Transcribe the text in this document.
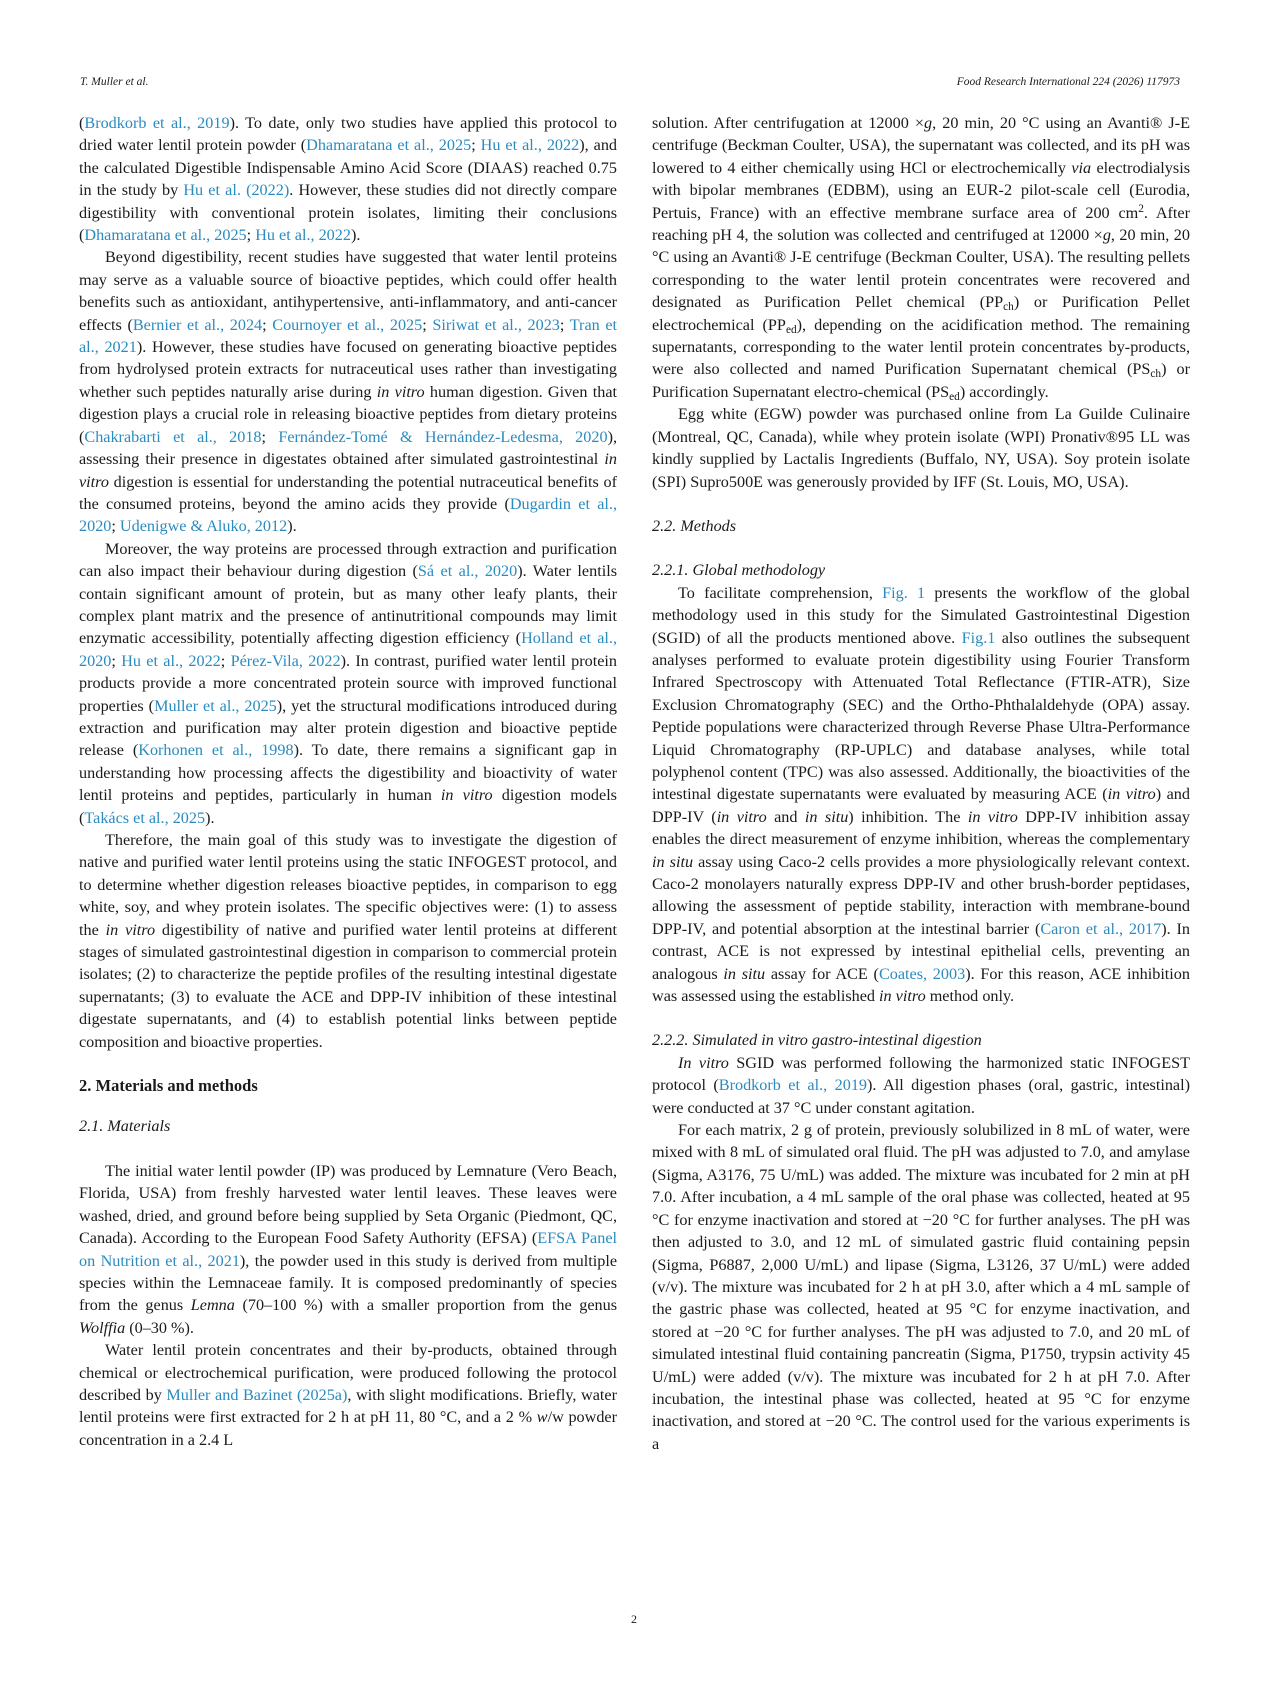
T. Muller et al.	Food Research International 224 (2026) 117973

(Brodkorb et al., 2019). To date, only two studies have applied this protocol to dried water lentil protein powder (Dhamaratana et al., 2025; Hu et al., 2022), and the calculated Digestible Indispensable Amino Acid Score (DIAAS) reached 0.75 in the study by Hu et al. (2022). However, these studies did not directly compare digestibility with conventional protein isolates, limiting their conclusions (Dhamaratana et al., 2025; Hu et al., 2022).

Beyond digestibility, recent studies have suggested that water lentil proteins may serve as a valuable source of bioactive peptides, which could offer health benefits such as antioxidant, antihypertensive, anti-inflammatory, and anti-cancer effects (Bernier et al., 2024; Cournoyer et al., 2025; Siriwat et al., 2023; Tran et al., 2021). However, these studies have focused on generating bioactive peptides from hydrolysed protein extracts for nutraceutical uses rather than investigating whether such peptides naturally arise during in vitro human digestion. Given that digestion plays a crucial role in releasing bioactive peptides from dietary proteins (Chakrabarti et al., 2018; Fernández-Tomé & Hernández-Ledesma, 2020), assessing their presence in digestates obtained after simulated gastrointestinal in vitro digestion is essential for understanding the potential nutraceutical benefits of the consumed proteins, beyond the amino acids they provide (Dugardin et al., 2020; Udenigwe & Aluko, 2012).

Moreover, the way proteins are processed through extraction and purification can also impact their behaviour during digestion (Sá et al., 2020). Water lentils contain significant amount of protein, but as many other leafy plants, their complex plant matrix and the presence of antinutritional compounds may limit enzymatic accessibility, potentially affecting digestion efficiency (Holland et al., 2020; Hu et al., 2022; Pérez-Vila, 2022). In contrast, purified water lentil protein products provide a more concentrated protein source with improved functional properties (Muller et al., 2025), yet the structural modifications introduced during extraction and purification may alter protein digestion and bioactive peptide release (Korhonen et al., 1998). To date, there remains a significant gap in understanding how processing affects the digestibility and bioactivity of water lentil proteins and peptides, particularly in human in vitro digestion models (Takács et al., 2025).

Therefore, the main goal of this study was to investigate the digestion of native and purified water lentil proteins using the static INFOGEST protocol, and to determine whether digestion releases bioactive peptides, in comparison to egg white, soy, and whey protein isolates. The specific objectives were: (1) to assess the in vitro digestibility of native and purified water lentil proteins at different stages of simulated gastrointestinal digestion in comparison to commercial protein isolates; (2) to characterize the peptide profiles of the resulting intestinal digestate supernatants; (3) to evaluate the ACE and DPP-IV inhibition of these intestinal digestate supernatants, and (4) to establish potential links between peptide composition and bioactive properties.

2. Materials and methods
2.1. Materials

The initial water lentil powder (IP) was produced by Lemnature (Vero Beach, Florida, USA) from freshly harvested water lentil leaves. These leaves were washed, dried, and ground before being supplied by Seta Organic (Piedmont, QC, Canada). According to the European Food Safety Authority (EFSA) (EFSA Panel on Nutrition et al., 2021), the powder used in this study is derived from multiple species within the Lemnaceae family. It is composed predominantly of species from the genus Lemna (70–100 %) with a smaller proportion from the genus Wolffia (0–30 %).

Water lentil protein concentrates and their by-products, obtained through chemical or electrochemical purification, were produced following the protocol described by Muller and Bazinet (2025a), with slight modifications. Briefly, water lentil proteins were first extracted for 2 h at pH 11, 80 °C, and a 2 % w/w powder concentration in a 2.4 L

solution. After centrifugation at 12000 ×g, 20 min, 20 °C using an Avanti® J-E centrifuge (Beckman Coulter, USA), the supernatant was collected, and its pH was lowered to 4 either chemically using HCl or electrochemically via electrodialysis with bipolar membranes (EDBM), using an EUR-2 pilot-scale cell (Eurodia, Pertuis, France) with an effective membrane surface area of 200 $cm^2$. After reaching pH 4, the solution was collected and centrifuged at 12000 ×g, 20 min, 20 °C using an Avanti® J-E centrifuge (Beckman Coulter, USA). The resulting pellets corresponding to the water lentil protein concentrates were recovered and designated as Purification Pellet chemical $(PP_{ch})$ or Purification Pellet electrochemical $(PP_{ed})$, depending on the acidification method. The remaining supernatants, corresponding to the water lentil protein concentrates by-products, were also collected and named Purification Supernatant chemical $(PS_{ch})$ or Purification Supernatant electro-chemical $(PS_{ed})$ accordingly.

Egg white (EGW) powder was purchased online from La Guilde Culinaire (Montreal, QC, Canada), while whey protein isolate (WPI) Pronativ®95 LL was kindly supplied by Lactalis Ingredients (Buffalo, NY, USA). Soy protein isolate (SPI) Supro500E was generously provided by IFF (St. Louis, MO, USA).

2.2. Methods
2.2.1. Global methodology

To facilitate comprehension, Fig. 1 presents the workflow of the global methodology used in this study for the Simulated Gastrointestinal Digestion (SGID) of all the products mentioned above. Fig.1 also outlines the subsequent analyses performed to evaluate protein digestibility using Fourier Transform Infrared Spectroscopy with Attenuated Total Reflectance (FTIR-ATR), Size Exclusion Chromatography (SEC) and the Ortho-Phthalaldehyde (OPA) assay. Peptide populations were characterized through Reverse Phase Ultra-Performance Liquid Chromatography (RP-UPLC) and database analyses, while total polyphenol content (TPC) was also assessed. Additionally, the bioactivities of the intestinal digestate supernatants were evaluated by measuring ACE (in vitro) and DPP-IV (in vitro and in situ) inhibition. The in vitro DPP-IV inhibition assay enables the direct measurement of enzyme inhibition, whereas the complementary in situ assay using Caco-2 cells provides a more physiologically relevant context. Caco-2 monolayers naturally express DPP-IV and other brush-border peptidases, allowing the assessment of peptide stability, interaction with membrane-bound DPP-IV, and potential absorption at the intestinal barrier (Caron et al., 2017). In contrast, ACE is not expressed by intestinal epithelial cells, preventing an analogous in situ assay for ACE (Coates, 2003). For this reason, ACE inhibition was assessed using the established in vitro method only.

2.2.2. Simulated in vitro gastro-intestinal digestion

In vitro SGID was performed following the harmonized static INFOGEST protocol (Brodkorb et al., 2019). All digestion phases (oral, gastric, intestinal) were conducted at 37 °C under constant agitation.

For each matrix, 2 g of protein, previously solubilized in 8 mL of water, were mixed with 8 mL of simulated oral fluid. The pH was adjusted to 7.0, and amylase (Sigma, A3176, 75 U/mL) was added. The mixture was incubated for 2 min at pH 7.0. After incubation, a 4 mL sample of the oral phase was collected, heated at 95 °C for enzyme inactivation and stored at −20 °C for further analyses. The pH was then adjusted to 3.0, and 12 mL of simulated gastric fluid containing pepsin (Sigma, P6887, 2,000 U/mL) and lipase (Sigma, L3126, 37 U/mL) were added (v/v). The mixture was incubated for 2 h at pH 3.0, after which a 4 mL sample of the gastric phase was collected, heated at 95 °C for enzyme inactivation, and stored at −20 °C for further analyses. The pH was adjusted to 7.0, and 20 mL of simulated intestinal fluid containing pancreatin (Sigma, P1750, trypsin activity 45 U/mL) were added (v/v). The mixture was incubated for 2 h at pH 7.0. After incubation, the intestinal phase was collected, heated at 95 °C for enzyme inactivation, and stored at −20 °C. The control used for the various experiments is a

2
